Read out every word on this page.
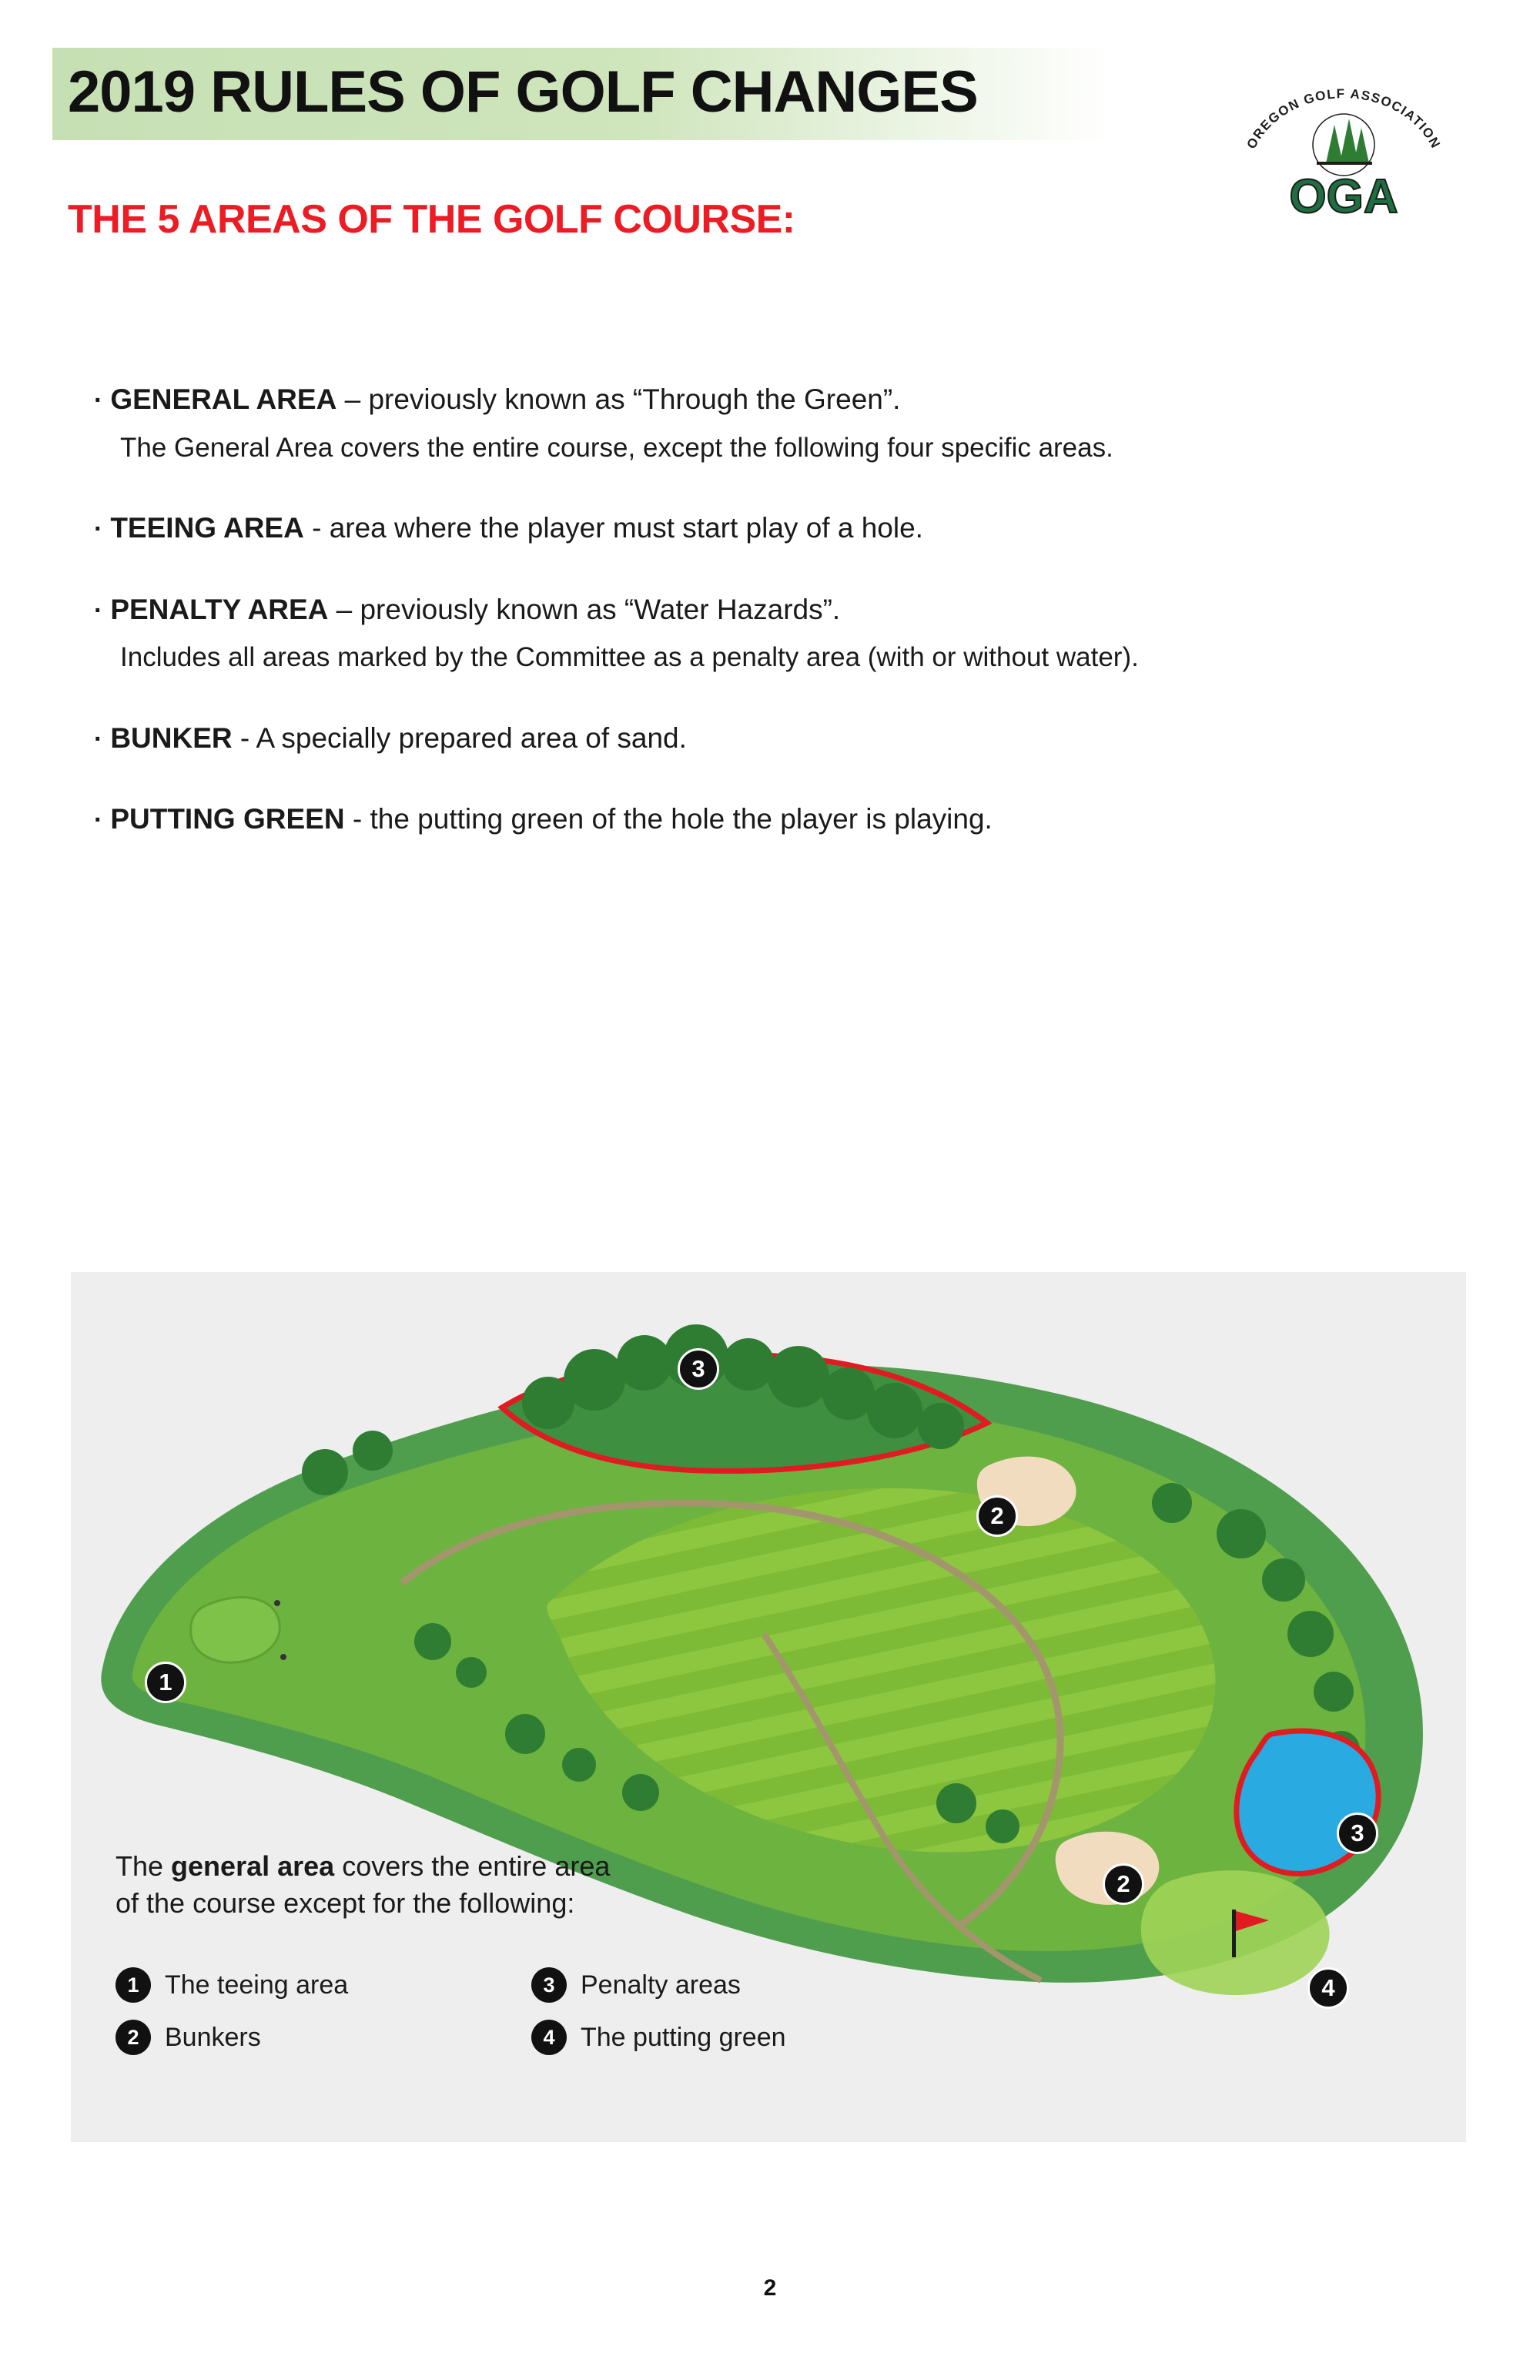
2019 RULES OF GOLF CHANGES
THE 5 AREAS OF THE GOLF COURSE:
OREGON GOLF ASSOCIATION
OGA
· GENERAL AREA – previously known as “Through the Green”.
The General Area covers the entire course, except the following four specific areas.
· TEEING AREA - area where the player must start play of a hole.
· PENALTY AREA – previously known as “Water Hazards”.
Includes all areas marked by the Committee as a penalty area (with or without water).
· BUNKER - A specially prepared area of sand.
· PUTTING GREEN - the putting green of the hole the player is playing.
3
2
1
3
2
4
The general area covers the entire area
of the course except for the following:
1 The teeing area	3 Penalty areas
2 Bunkers	4 The putting green
2
